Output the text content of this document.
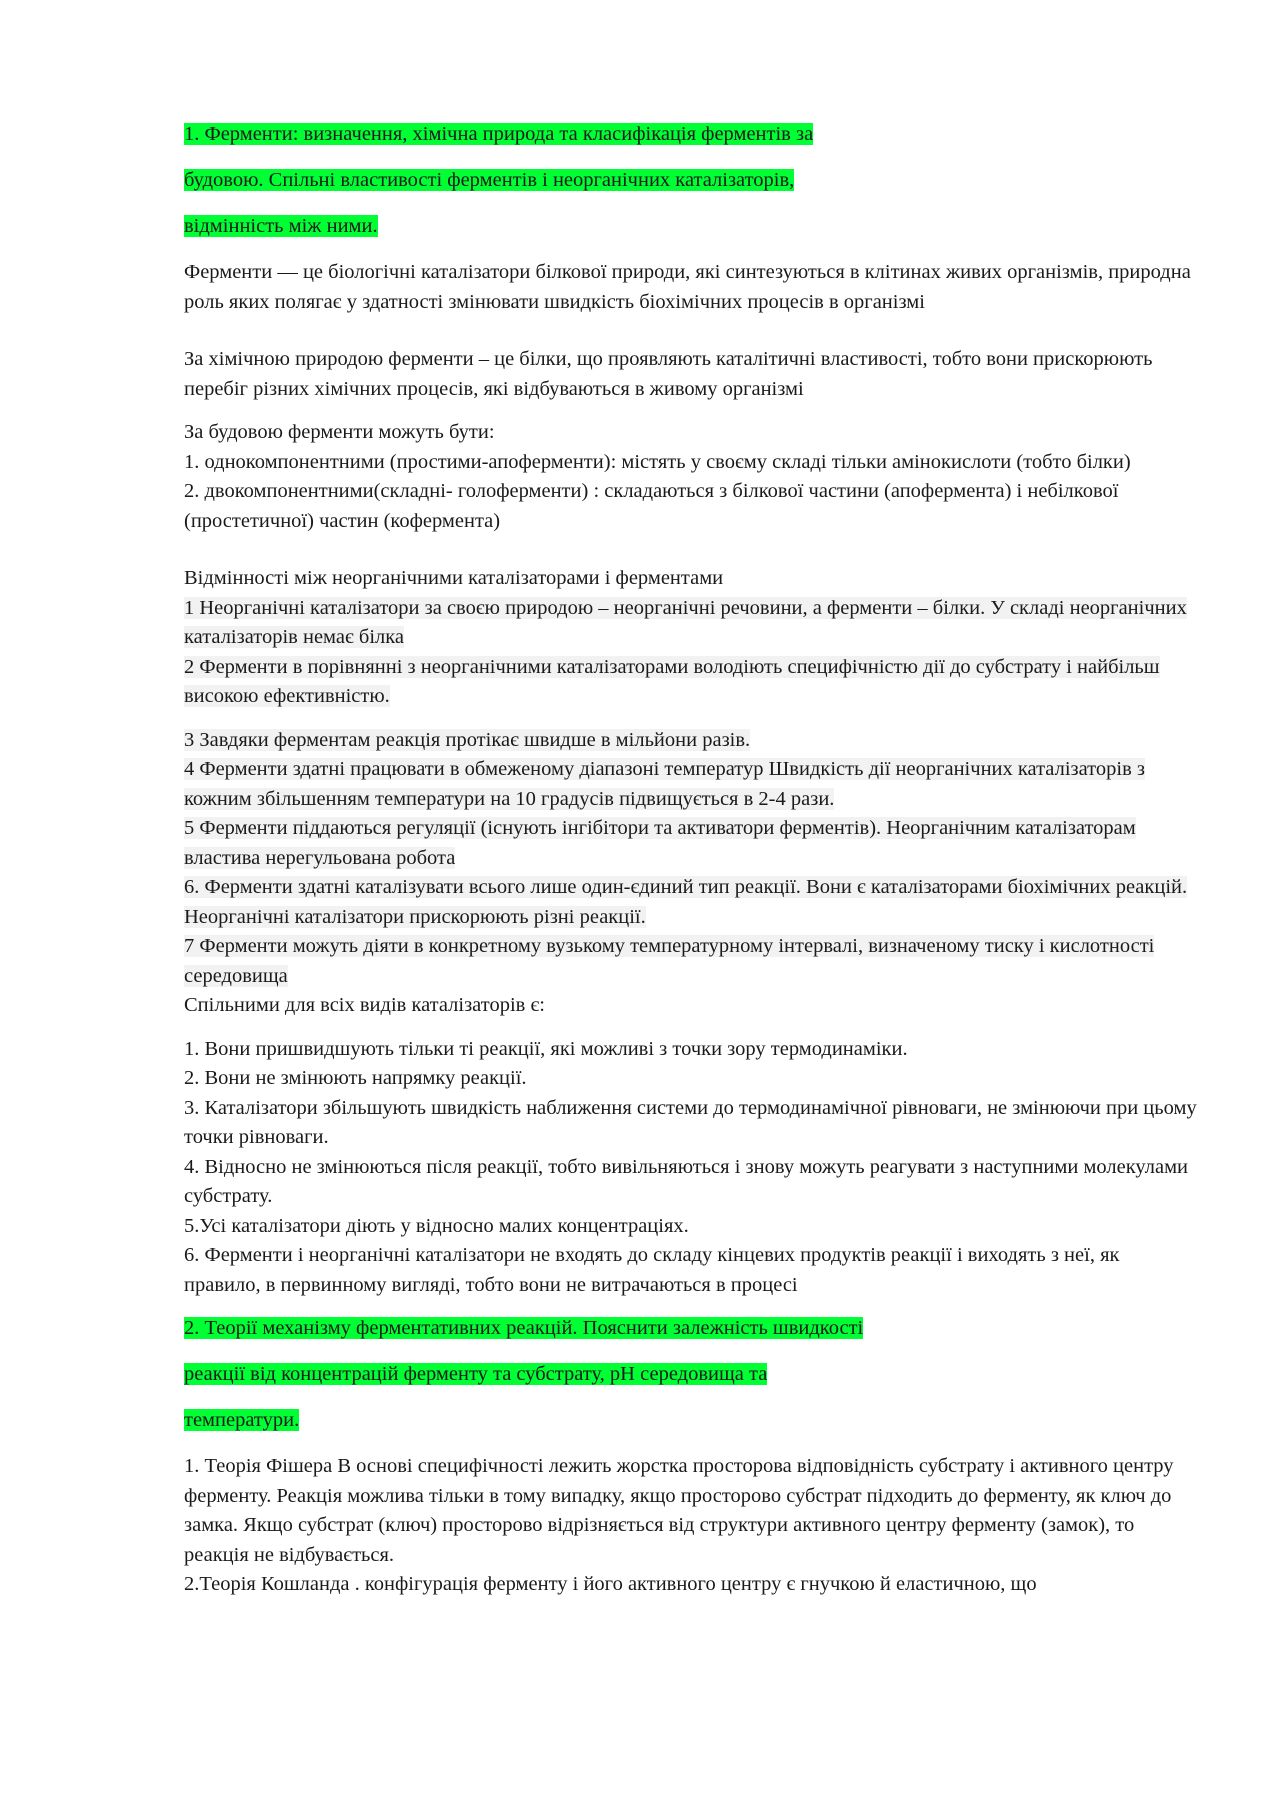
1. Ферменти: визначення, хімічна природа та класифікація ферментів за
будовою. Спільні властивості ферментів і неорганічних каталізаторів,
відмінність між ними.

Ферменти — це біологічні каталізатори білкової природи, які синтезуються в клітинах живих організмів, природна роль яких полягає у здатності змінювати швидкість біохімічних процесів в організмі

За хімічною природою ферменти – це білки, що проявляють каталітичні властивості, тобто вони прискорюють перебіг різних хімічних процесів, які відбуваються в живому організмі

За будовою ферменти можуть бути:

1. однокомпонентними (простими-апоферменти): містять у своєму складі тільки амінокислоти (тобто білки)

2. двокомпонентними(складні- голоферменти) : складаються з білкової частини (апофермента) і небілкової (простетичної) частин (кофермента)

Відмінності між неорганічними каталізаторами і ферментами

1 Неорганічні каталізатори за своєю природою – неорганічні речовини, а ферменти – білки. У складі неорганічних каталізаторів немає білка

2 Ферменти в порівнянні з неорганічними каталізаторами володіють специфічністю дії до субстрату і найбільш високою ефективністю.

3 Завдяки ферментам реакція протікає швидше в мільйони разів.

4 Ферменти здатні працювати в обмеженому діапазоні температур Швидкість дії неорганічних каталізаторів з кожним збільшенням температури на 10 градусів підвищується в 2-4 рази.

5 Ферменти піддаються регуляції (існують інгібітори та активатори ферментів). Неорганічним каталізаторам властива нерегульована робота

6. Ферменти здатні каталізувати всього лише один-єдиний тип реакції. Вони є каталізаторами біохімічних реакцій. Неорганічні каталізатори прискорюють різні реакції.

7 Ферменти можуть діяти в конкретному вузькому температурному інтервалі, визначеному тиску і кислотності середовища

Спільними для всіх видів каталізаторів є:

1. Вони пришвидшують тільки ті реакції, які можливі з точки зору термодинаміки.

2. Вони не змінюють напрямку реакції.

3. Каталізатори збільшують швидкість наближення системи до термодинамічної рівноваги, не змінюючи при цьому точки рівноваги.

4. Відносно не змінюються після реакції, тобто вивільняються і знову можуть реагувати з наступними молекулами субстрату.

5.Усі каталізатори діють у відносно малих концентраціях.

6. Ферменти і неорганічні каталізатори не входять до складу кінцевих продуктів реакції і виходять з неї, як правило, в первинному вигляді, тобто вони не витрачаються в процесі

2. Теорії механізму ферментативних реакцій. Пояснити залежність швидкості
реакції від концентрацій ферменту та субстрату, рН середовища та
температури.

1. Теорія Фішера В основі специфічності лежить жорстка просторова відповідність субстрату і активного центру ферменту. Реакція можлива тільки в тому випадку, якщо просторово субстрат підходить до ферменту, як ключ до замка. Якщо субстрат (ключ) просторово відрізняється від структури активного центру ферменту (замок), то реакція не відбувається.

2.Теорія Кошланда . конфігурація ферменту і його активного центру є гнучкою й еластичною, що
